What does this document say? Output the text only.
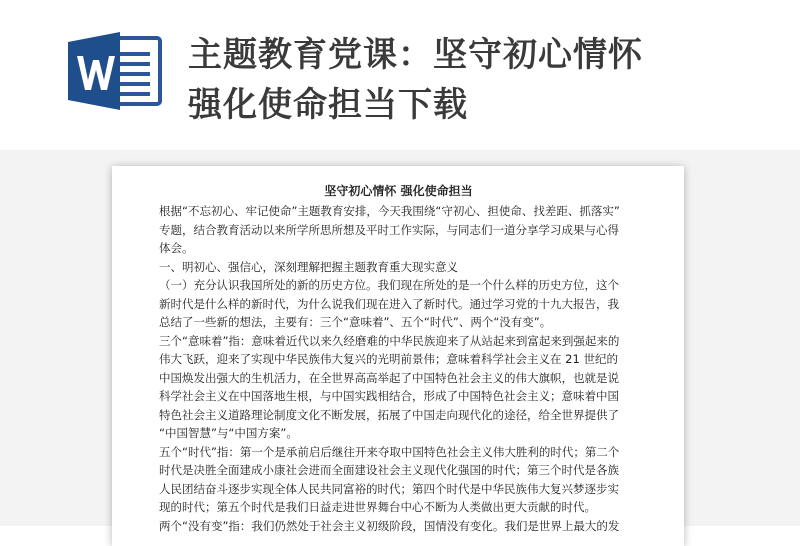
主题教育党课：坚守初心情怀
强化使命担当下载
坚守初心情怀 强化使命担当

根据“不忘初心、牢记使命”主题教育安排，今天我围绕“守初心、担使命、找差距、抓落实”

专题，结合教育活动以来所学所思所想及平时工作实际，与同志们一道分享学习成果与心得

体会。

一、明初心、强信心，深刻理解把握主题教育重大现实意义

（一）充分认识我国所处的新的历史方位。我们现在所处的是一个什么样的历史方位，这个

新时代是什么样的新时代，为什么说我们现在进入了新时代。通过学习党的十九大报告，我

总结了一些新的想法，主要有：三个“意味着”、五个“时代”、两个“没有变”。

三个“意味着”指：意味着近代以来久经磨难的中华民族迎来了从站起来到富起来到强起来的

伟大飞跃，迎来了实现中华民族伟大复兴的光明前景伟；意味着科学社会主义在 21 世纪的

中国焕发出强大的生机活力，在全世界高高举起了中国特色社会主义的伟大旗帜，也就是说

科学社会主义在中国落地生根，与中国实践相结合，形成了中国特色社会主义；意味着中国

特色社会主义道路理论制度文化不断发展，拓展了中国走向现代化的途径，给全世界提供了

“中国智慧”与“中国方案”。

五个“时代”指：第一个是承前启后继往开来夺取中国特色社会主义伟大胜利的时代；第二个

时代是决胜全面建成小康社会进而全面建设社会主义现代化强国的时代；第三个时代是各族

人民团结奋斗逐步实现全体人民共同富裕的时代；第四个时代是中华民族伟大复兴梦逐步实

现的时代；第五个时代是我们日益走进世界舞台中心不断为人类做出更大贡献的时代。

两个“没有变”指：我们仍然处于社会主义初级阶段，国情没有变化。我们是世界上最大的发
